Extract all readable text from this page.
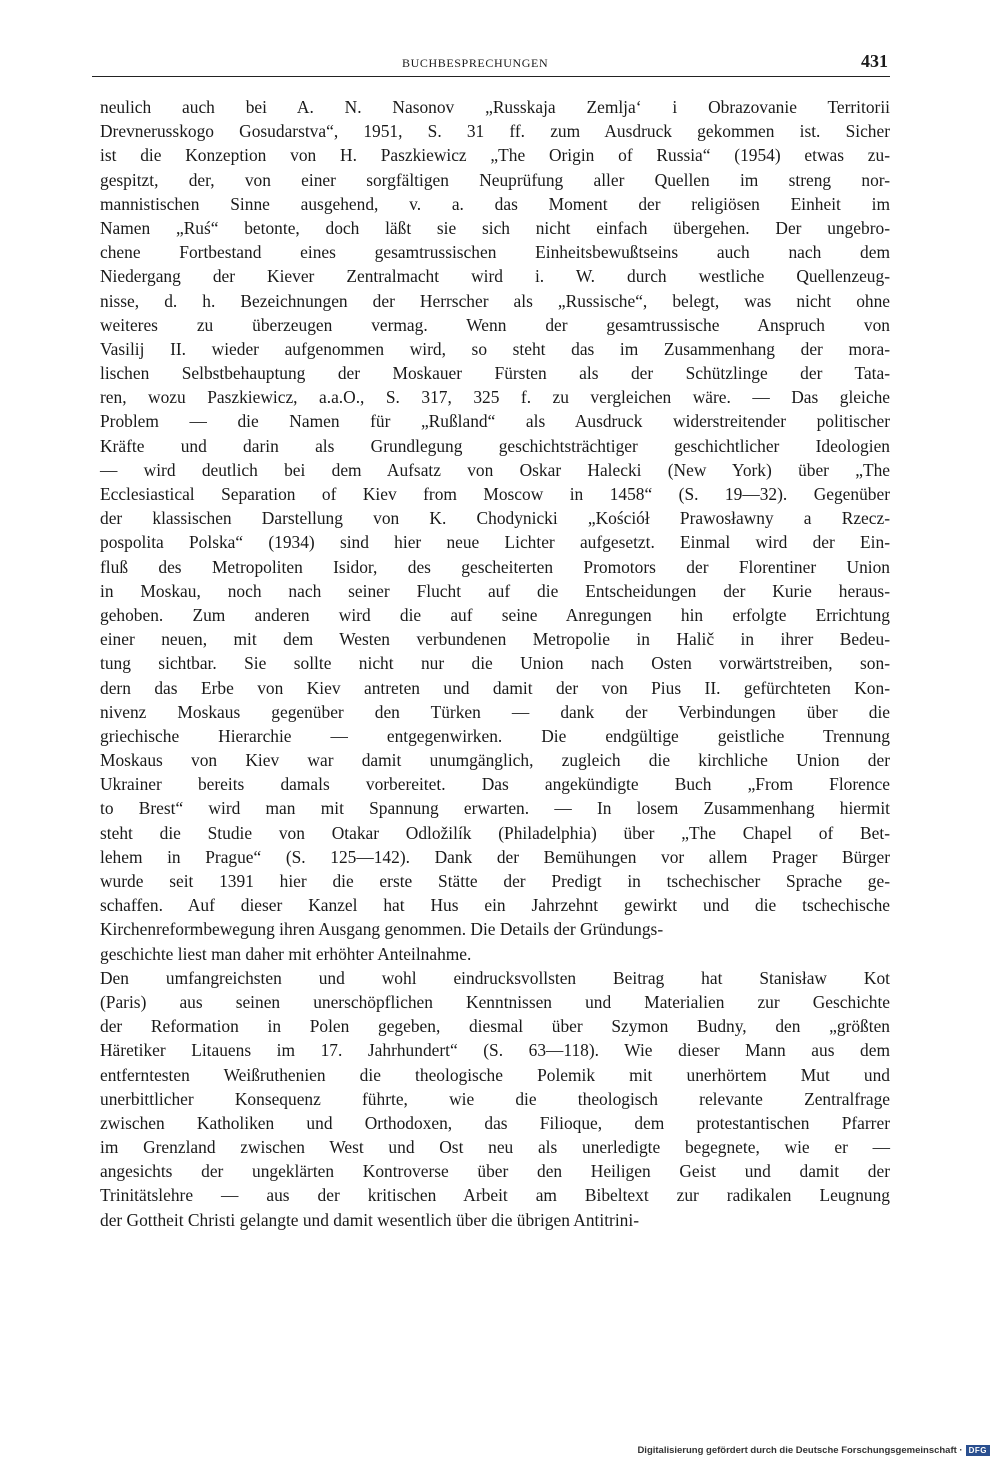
BUCHBESPRECHUNGEN	431
neulich auch bei A. N. Nasonov „Russkaja Zemlja‘ i Obrazovanie Territorii
Drevnerusskogo Gosudarstva“, 1951, S. 31 ff. zum Ausdruck gekommen ist. Sicher
ist die Konzeption von H. Paszkiewicz „The Origin of Russia“ (1954) etwas zu-
gespitzt, der, von einer sorgfältigen Neuprüfung aller Quellen im streng nor-
mannistischen Sinne ausgehend, v. a. das Moment der religiösen Einheit im
Namen „Ruś“ betonte, doch läßt sie sich nicht einfach übergehen. Der ungebro-
chene Fortbestand eines gesamtrussischen Einheitsbewußtseins auch nach dem
Niedergang der Kiever Zentralmacht wird i. W. durch westliche Quellenzeug-
nisse, d. h. Bezeichnungen der Herrscher als „Russische“, belegt, was nicht ohne
weiteres zu überzeugen vermag. Wenn der gesamtrussische Anspruch von
Vasilij II. wieder aufgenommen wird, so steht das im Zusammenhang der mora-
lischen Selbstbehauptung der Moskauer Fürsten als der Schützlinge der Tata-
ren, wozu Paszkiewicz, a.a.O., S. 317, 325 f. zu vergleichen wäre. — Das gleiche
Problem — die Namen für „Rußland“ als Ausdruck widerstreitender politischer
Kräfte und darin als Grundlegung geschichtsträchtiger geschichtlicher Ideologien
— wird deutlich bei dem Aufsatz von Oskar Halecki (New York) über „The
Ecclesiastical Separation of Kiev from Moscow in 1458“ (S. 19—32). Gegenüber
der klassischen Darstellung von K. Chodynicki „Kościół Prawosławny a Rzecz-
pospolita Polska“ (1934) sind hier neue Lichter aufgesetzt. Einmal wird der Ein-
fluß des Metropoliten Isidor, des gescheiterten Promotors der Florentiner Union
in Moskau, noch nach seiner Flucht auf die Entscheidungen der Kurie heraus-
gehoben. Zum anderen wird die auf seine Anregungen hin erfolgte Errichtung
einer neuen, mit dem Westen verbundenen Metropolie in Halič in ihrer Bedeu-
tung sichtbar. Sie sollte nicht nur die Union nach Osten vorwärtstreiben, son-
dern das Erbe von Kiev antreten und damit der von Pius II. gefürchteten Kon-
nivenz Moskaus gegenüber den Türken — dank der Verbindungen über die
griechische Hierarchie — entgegenwirken. Die endgültige geistliche Trennung
Moskaus von Kiev war damit unumgänglich, zugleich die kirchliche Union der
Ukrainer bereits damals vorbereitet. Das angekündigte Buch „From Florence
to Brest“ wird man mit Spannung erwarten. — In losem Zusammenhang hiermit
steht die Studie von Otakar Odložilík (Philadelphia) über „The Chapel of Bet-
lehem in Prague“ (S. 125—142). Dank der Bemühungen vor allem Prager Bürger
wurde seit 1391 hier die erste Stätte der Predigt in tschechischer Sprache ge-
schaffen. Auf dieser Kanzel hat Hus ein Jahrzehnt gewirkt und die tschechische
Kirchenreformbewegung ihren Ausgang genommen. Die Details der Gründungs-
geschichte liest man daher mit erhöhter Anteilnahme.
Den umfangreichsten und wohl eindrucksvollsten Beitrag hat Stanisław Kot
(Paris) aus seinen unerschöpflichen Kenntnissen und Materialien zur Geschichte
der Reformation in Polen gegeben, diesmal über Szymon Budny, den „größten
Häretiker Litauens im 17. Jahrhundert“ (S. 63—118). Wie dieser Mann aus dem
entferntesten Weißruthenien die theologische Polemik mit unerhörtem Mut und
unerbittlicher Konsequenz führte, wie die theologisch relevante Zentralfrage
zwischen Katholiken und Orthodoxen, das Filioque, dem protestantischen Pfarrer
im Grenzland zwischen West und Ost neu als unerledigte begegnete, wie er —
angesichts der ungeklärten Kontroverse über den Heiligen Geist und damit der
Trinitätslehre — aus der kritischen Arbeit am Bibeltext zur radikalen Leugnung
der Gottheit Christi gelangte und damit wesentlich über die übrigen Antitrini-
Digitalisierung gefördert durch die Deutsche Forschungsgemeinschaft · DFG
